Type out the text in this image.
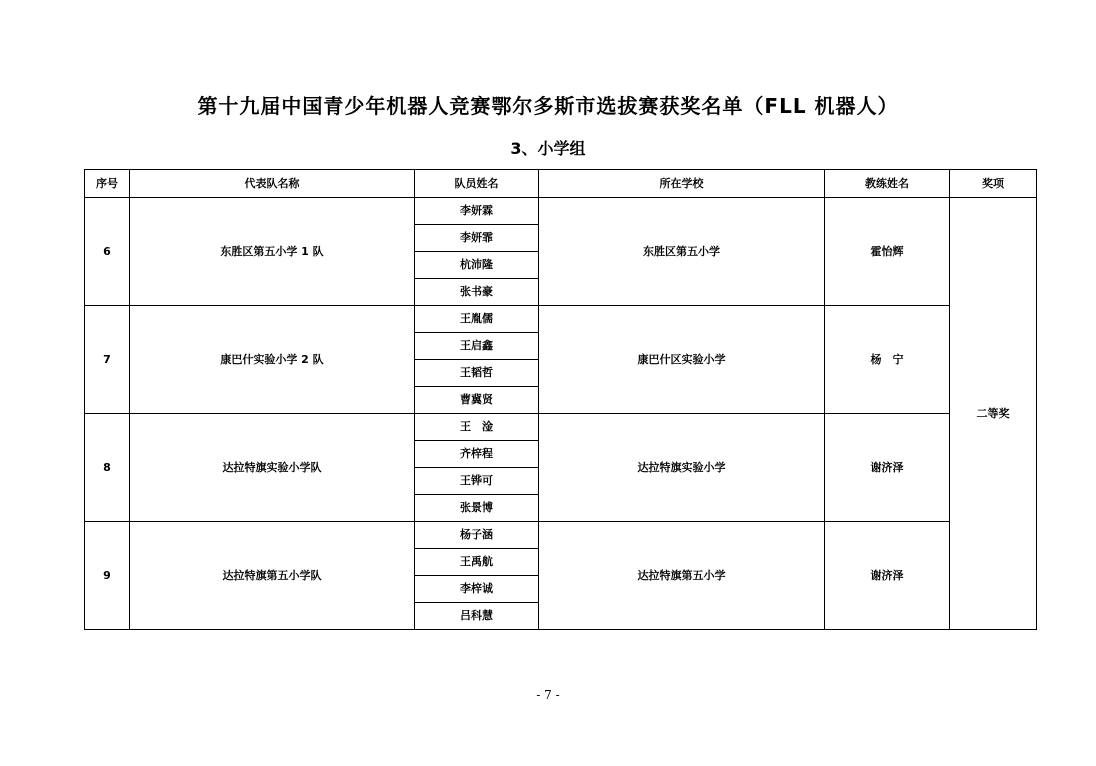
第十九届中国青少年机器人竞赛鄂尔多斯市选拔赛获奖名单（FLL 机器人）
3、小学组
序号	代表队名称	队员姓名	所在学校	教练姓名	奖项
6	东胜区第五小学 1 队	李妍霖	东胜区第五小学	霍怡辉	二等奖
		李妍霏			
		杭沛隆			
		张书豪			
7	康巴什实验小学 2 队	王胤儒	康巴什区实验小学	杨　宁	
		王启鑫			
		王韬哲			
		曹冀贤			
8	达拉特旗实验小学队	王　淦	达拉特旗实验小学	谢济泽	
		齐梓程			
		王铧可			
		张景博			
9	达拉特旗第五小学队	杨子涵	达拉特旗第五小学	谢济泽	
		王禹航			
		李梓诚			
		吕科慧			
- 7 -
